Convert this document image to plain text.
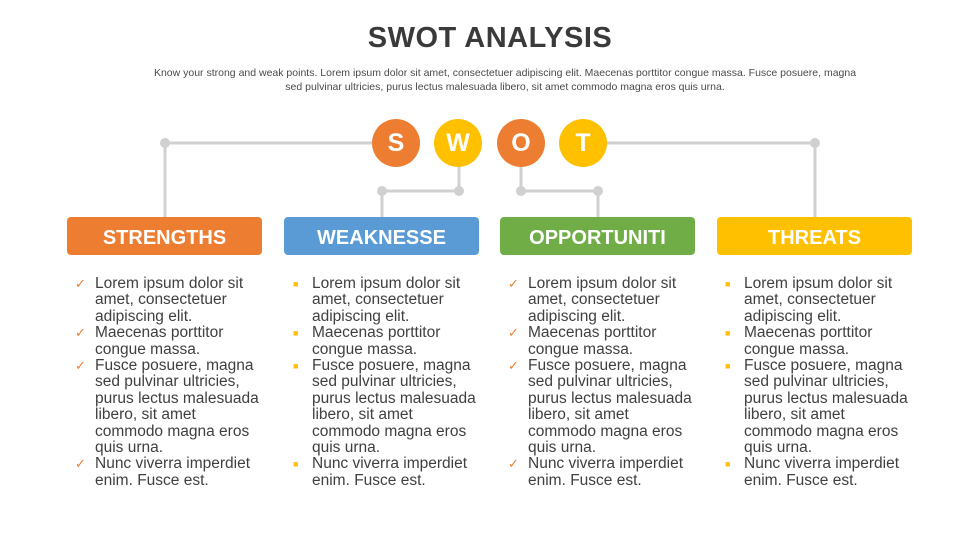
SWOT ANALYSIS
Know your strong and weak points. Lorem ipsum dolor sit amet, consectetuer adipiscing elit. Maecenas porttitor congue massa. Fusce posuere, magna sed pulvinar ultricies, purus lectus malesuada libero, sit amet commodo magna eros quis urna.
S	W	O	T
STRENGTHS	WEAKNESSE	OPPORTUNITI	THREATS
✓ Lorem ipsum dolor sit amet, consectetuer adipiscing elit.
✓ Maecenas porttitor congue massa.
✓ Fusce posuere, magna sed pulvinar ultricies, purus lectus malesuada libero, sit amet commodo magna eros quis urna.
✓ Nunc viverra imperdiet enim. Fusce est.
■ Lorem ipsum dolor sit amet, consectetuer adipiscing elit.
■ Maecenas porttitor congue massa.
■ Fusce posuere, magna sed pulvinar ultricies, purus lectus malesuada libero, sit amet commodo magna eros quis urna.
■ Nunc viverra imperdiet enim. Fusce est.
✓ Lorem ipsum dolor sit amet, consectetuer adipiscing elit.
✓ Maecenas porttitor congue massa.
✓ Fusce posuere, magna sed pulvinar ultricies, purus lectus malesuada libero, sit amet commodo magna eros quis urna.
✓ Nunc viverra imperdiet enim. Fusce est.
■ Lorem ipsum dolor sit amet, consectetuer adipiscing elit.
■ Maecenas porttitor congue massa.
■ Fusce posuere, magna sed pulvinar ultricies, purus lectus malesuada libero, sit amet commodo magna eros quis urna.
■ Nunc viverra imperdiet enim. Fusce est.
